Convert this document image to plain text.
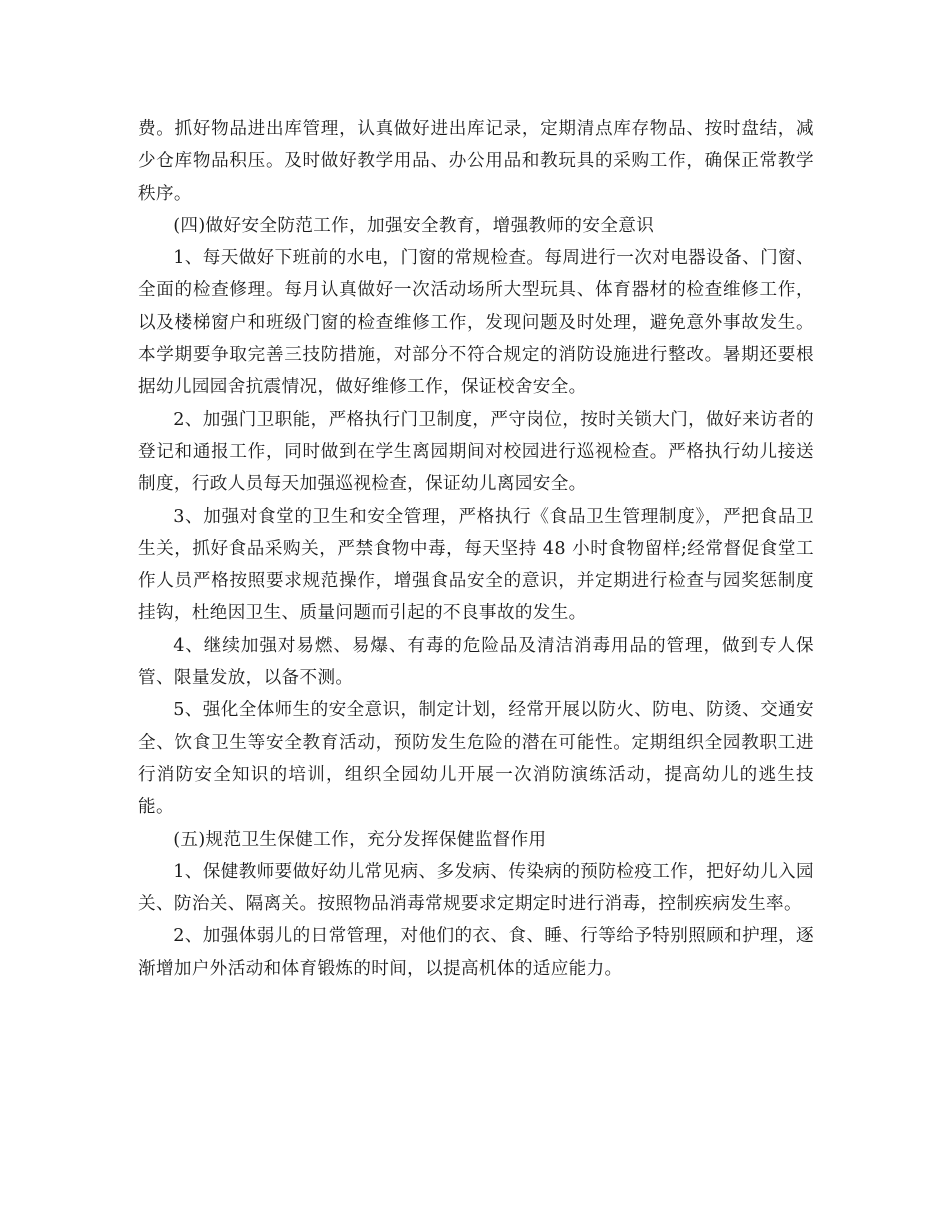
费。抓好物品进出库管理，认真做好进出库记录，定期清点库存物品、按时盘结，减少仓库物品积压。及时做好教学用品、办公用品和教玩具的采购工作，确保正常教学秩序。

(四)做好安全防范工作，加强安全教育，增强教师的安全意识

1、每天做好下班前的水电，门窗的常规检查。每周进行一次对电器设备、门窗、全面的检查修理。每月认真做好一次活动场所大型玩具、体育器材的检查维修工作，以及楼梯窗户和班级门窗的检查维修工作，发现问题及时处理，避免意外事故发生。本学期要争取完善三技防措施，对部分不符合规定的消防设施进行整改。暑期还要根据幼儿园园舍抗震情况，做好维修工作，保证校舍安全。

2、加强门卫职能，严格执行门卫制度，严守岗位，按时关锁大门，做好来访者的登记和通报工作，同时做到在学生离园期间对校园进行巡视检查。严格执行幼儿接送制度，行政人员每天加强巡视检查，保证幼儿离园安全。

3、加强对食堂的卫生和安全管理，严格执行《食品卫生管理制度》，严把食品卫生关，抓好食品采购关，严禁食物中毒，每天坚持 48 小时食物留样;经常督促食堂工作人员严格按照要求规范操作，增强食品安全的意识，并定期进行检查与园奖惩制度挂钩，杜绝因卫生、质量问题而引起的不良事故的发生。

4、继续加强对易燃、易爆、有毒的危险品及清洁消毒用品的管理，做到专人保管、限量发放，以备不测。

5、强化全体师生的安全意识，制定计划，经常开展以防火、防电、防烫、交通安全、饮食卫生等安全教育活动，预防发生危险的潜在可能性。定期组织全园教职工进行消防安全知识的培训，组织全园幼儿开展一次消防演练活动，提高幼儿的逃生技能。

(五)规范卫生保健工作，充分发挥保健监督作用

1、保健教师要做好幼儿常见病、多发病、传染病的预防检疫工作，把好幼儿入园关、防治关、隔离关。按照物品消毒常规要求定期定时进行消毒，控制疾病发生率。

2、加强体弱儿的日常管理，对他们的衣、食、睡、行等给予特别照顾和护理，逐渐增加户外活动和体育锻炼的时间，以提高机体的适应能力。
